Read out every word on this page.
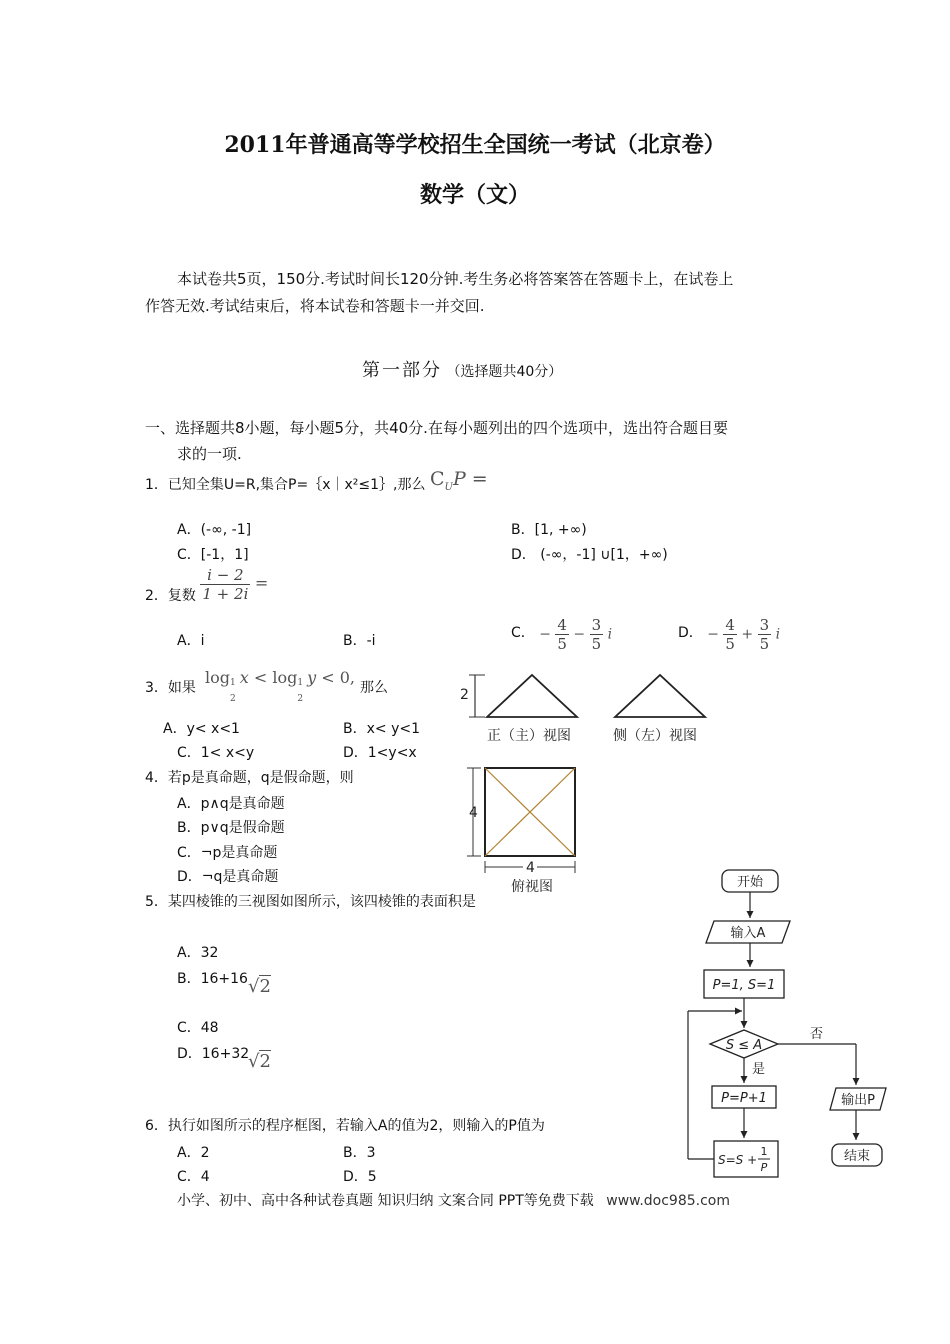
2011年普通高等学校招生全国统一考试（北京卷）
数学（文）
本试卷共5页，150分.考试时间长120分钟.考生务必将答案答在答题卡上，在试卷上
作答无效.考试结束后，将本试卷和答题卡一并交回.
第一部分 （选择题共40分）
一、选择题共8小题，每小题5分，共40分.在每小题列出的四个选项中，选出符合题目要
求的一项.
1．已知全集U=R,集合P=｛x｜x²≤1｝,那么 $C_UP$ =
A．(-∞, -1]	B．[1, +∞)
C．[-1，1]	D． (-∞，-1] ∪[1，+∞)
2．复数 $\frac{i - 2}{1 + 2i}$ =
A．i	B．-i
C． − $\frac{4}{5} - \frac{3}{5}$ i	D． − $\frac{4}{5} + \frac{3}{5}$ i
3．如果
log 1
2
x < log 1
2
y < 0,
那么
A．y< x<1	B．x< y<1
C．1< x<y	D．1<y<x
4．若p是真命题，q是假命题，则
A．p∧q是真命题
B．p∨q是假命题
C．¬p是真命题
D．¬q是真命题
5．某四棱锥的三视图如图所示，该四棱锥的表面积是
A．32
B．16+16 √2
C．48
D．16+32
√2
6．执行如图所示的程序框图，若输入A的值为2，则输入的P值为
A．2	B．3
C．4	D．5
2
正（主）视图	侧（左）视图
4
4
俯视图	开始
输入A
P=1, S=1
S ≤ A
否
是
P=P+1
S=S +
1
P
输出P
结束
小学、初中、高中各种试卷真题 知识归纳 文案合同 PPT等免费下载 www.doc985.com
